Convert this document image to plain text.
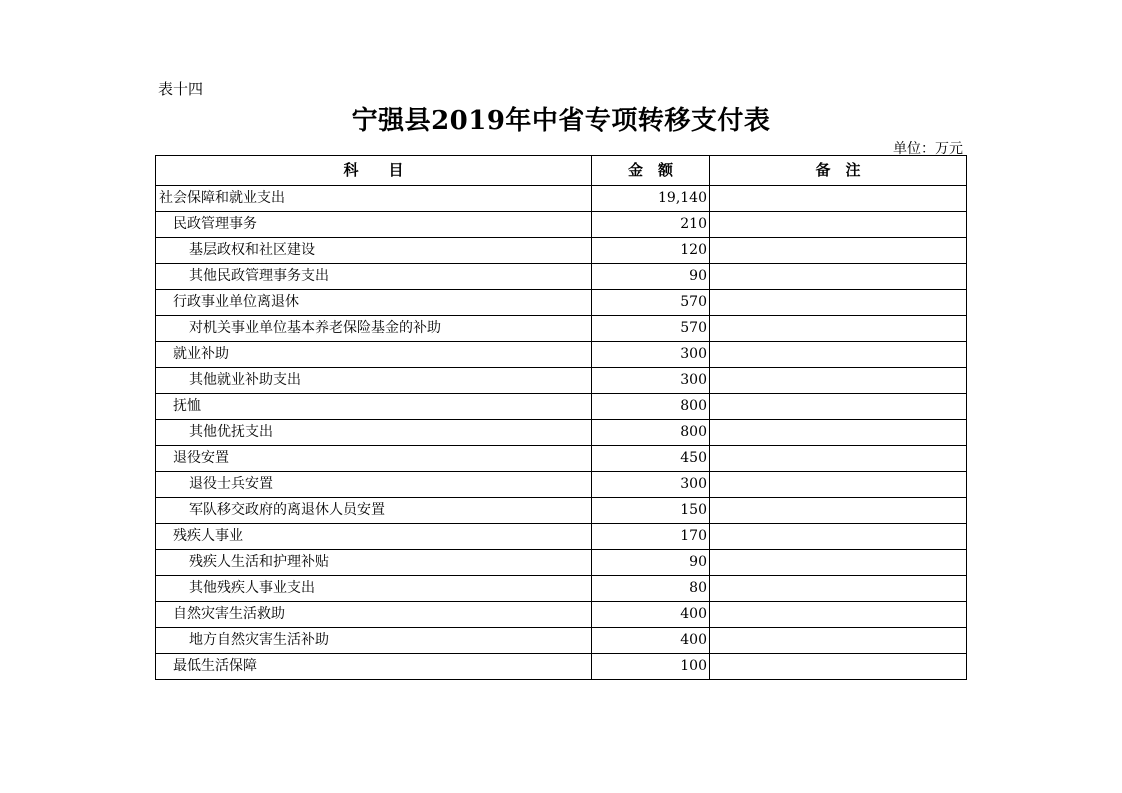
表十四
宁强县2019年中省专项转移支付表
单位：万元
科　　目	金　额	备　注
社会保障和就业支出	19,140	
民政管理事务	210	
基层政权和社区建设	120	
其他民政管理事务支出	90	
行政事业单位离退休	570	
对机关事业单位基本养老保险基金的补助	570	
就业补助	300	
其他就业补助支出	300	
抚恤	800	
其他优抚支出	800	
退役安置	450	
退役士兵安置	300	
军队移交政府的离退休人员安置	150	
残疾人事业	170	
残疾人生活和护理补贴	90	
其他残疾人事业支出	80	
自然灾害生活救助	400	
地方自然灾害生活补助	400	
最低生活保障	100	
